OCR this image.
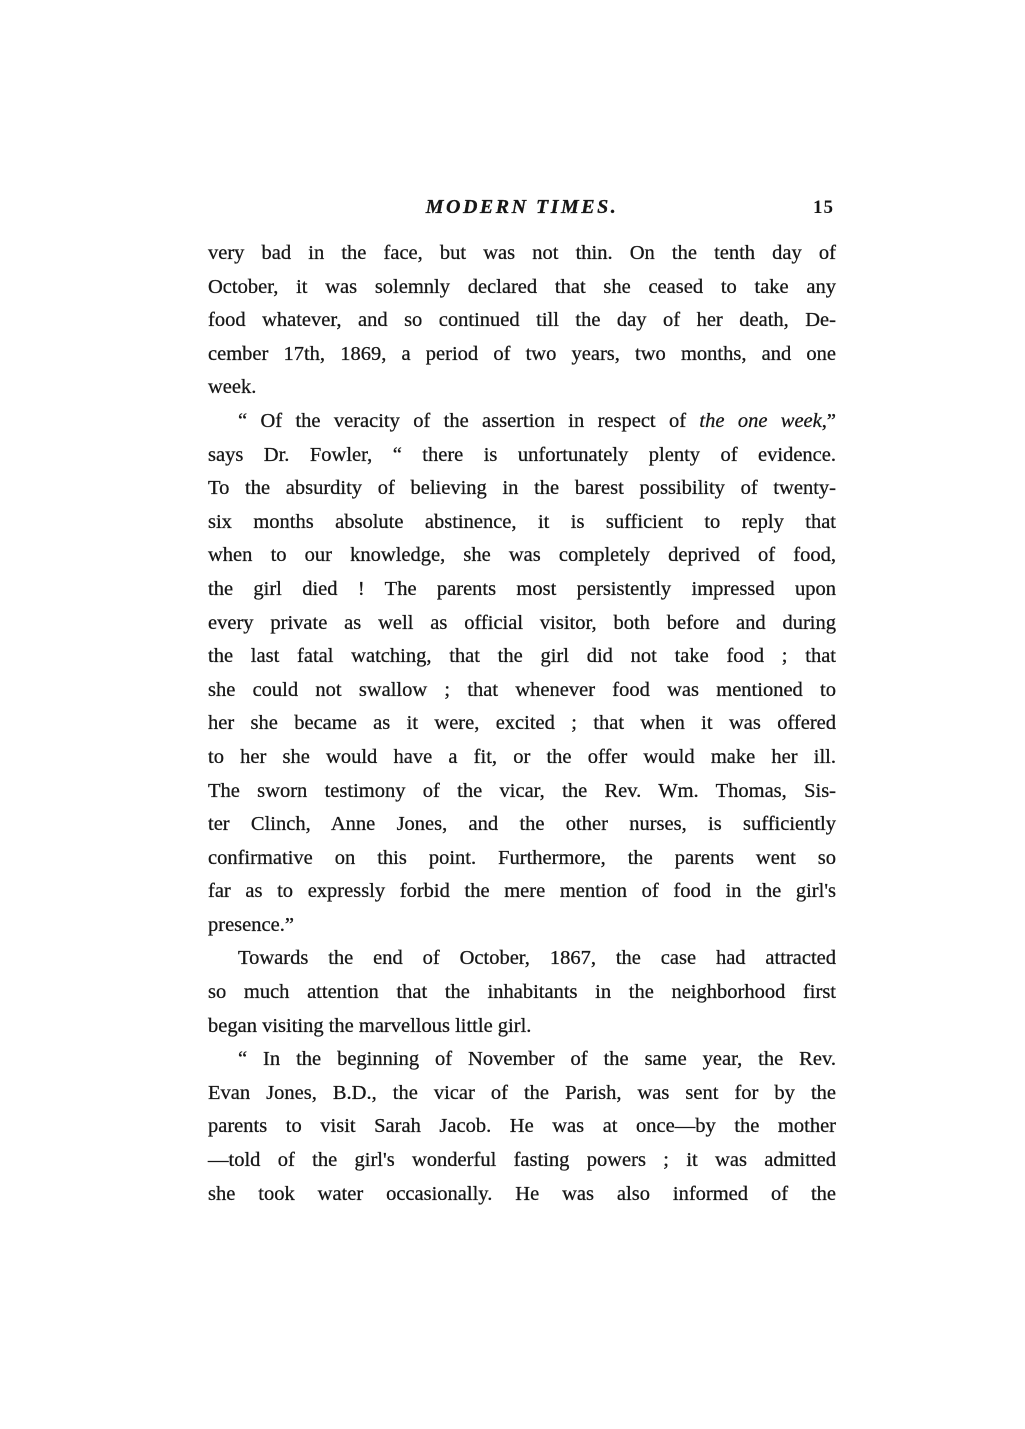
MODERN TIMES.	15
very bad in the face, but was not thin. On the tenth day of
October, it was solemnly declared that she ceased to take any
food whatever, and so continued till the day of her death, De-
cember 17th, 1869, a period of two years, two months, and one
week.
“ Of the veracity of the assertion in respect of the one week,”
says Dr. Fowler, “ there is unfortunately plenty of evidence.
To the absurdity of believing in the barest possibility of twenty-
six months absolute abstinence, it is sufficient to reply that
when to our knowledge, she was completely deprived of food,
the girl died ! The parents most persistently impressed upon
every private as well as official visitor, both before and during
the last fatal watching, that the girl did not take food ; that
she could not swallow ; that whenever food was mentioned to
her she became as it were, excited ; that when it was offered
to her she would have a fit, or the offer would make her ill.
The sworn testimony of the vicar, the Rev. Wm. Thomas, Sis-
ter Clinch, Anne Jones, and the other nurses, is sufficiently
confirmative on this point. Furthermore, the parents went so
far as to expressly forbid the mere mention of food in the girl's
presence.”
Towards the end of October, 1867, the case had attracted
so much attention that the inhabitants in the neighborhood first
began visiting the marvellous little girl.
“ In the beginning of November of the same year, the Rev.
Evan Jones, B.D., the vicar of the Parish, was sent for by the
parents to visit Sarah Jacob. He was at once—by the mother
—told of the girl's wonderful fasting powers ; it was admitted
she took water occasionally. He was also informed of the
